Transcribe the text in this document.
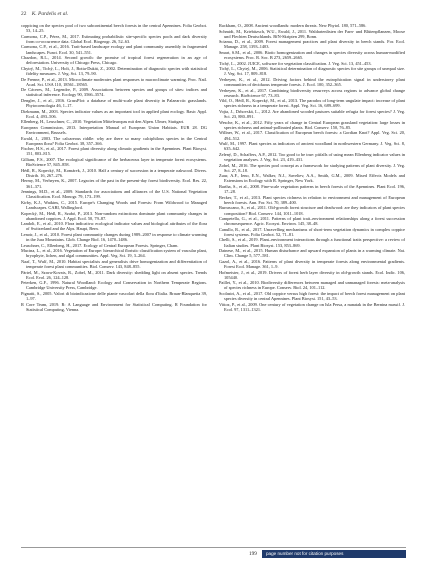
22 K. Pardelis et al.

coppicing on the species pool of two subcontinental beech forests in the central Apennines. Folia Geobot. 53, 14–25.

Carmona, C.P., Pérez, M., 2017. Estimating probabilistic site-specific species pools and dark diversity from co-occurrence data. Global Ecol. Biogeogr. 26, 52–63.

Carmona, C.P., et al., 2016. Trait-based landscape ecology and plant community assembly in fragmented landscapes. Funct. Ecol. 30, 541–551.

Chazdon, R.L., 2014. Second growth: the promise of tropical forest regeneration in an age of deforestation. University of Chicago Press, Chicago.

Chytrý, M., Tichý, L., Holt, J., Botta-Dukát, Z., 2002. Determination of diagnostic species with statistical fidelity measures. J. Veg. Sci. 13, 79–90.

De Frenne, P., et al., 2013. Microclimate moderates plant responses to macroclimate warming. Proc. Natl. Acad. Sci. USA 110, 18561–18565.

De Cáceres, M., Legendre, P., 2009. Associations between species and groups of sites: indices and statistical inference. Ecology 90, 3566–3574.

Dengler, J., et al., 2016. GrassPlot: a database of multi-scale plant diversity in Palaearctic grasslands. Phytocoenologia 46, 1–17.

Diekmann, M., 2003. Species indicator values as an important tool in applied plant ecology. Basic Appl. Ecol. 4, 493–506.

Ellenberg, H., Leuschner, C., 2010. Vegetation Mitteleuropas mit den Alpen. Ulmer, Stuttgart.

European Commission, 2013. Interpretation Manual of European Union Habitats. EUR 28. DG Environment, Brussels.

Ewald, J., 2003. The calcareous riddle: why are there so many calciphilous species in the Central European flora? Folia Geobot. 38, 357–366.

Fischer, H.S., et al., 2017. Forest plant diversity along climatic gradients in the Apennines. Plant Biosyst. 151, 803–815.

Gilliam, F.S., 2007. The ecological significance of the herbaceous layer in temperate forest ecosystems. BioScience 57, 845–858.

Hédl, R., Kopecký, M., Komárek, J., 2010. Half a century of succession in a temperate oakwood. Divers. Distrib. 16, 267–276.

Hermy, M., Verheyen, K., 2007. Legacies of the past in the present-day forest biodiversity. Ecol. Res. 22, 361–371.

Jennings, M.D., et al., 2009. Standards for associations and alliances of the U.S. National Vegetation Classification. Ecol. Monogr. 79, 173–199.

Kirby, K.J., Watkins, C., 2015. Europe's Changing Woods and Forests: From Wildwood to Managed Landscapes. CABI, Wallingford.

Kopecký, M., Hédl, R., Szabó, P., 2013. Non-random extinctions dominate plant community changes in abandoned coppices. J. Appl. Ecol. 50, 79–87.

Landolt, E., et al., 2010. Flora indicativa: ecological indicator values and biological attributes of the flora of Switzerland and the Alps. Haupt, Bern.

Lenoir, J., et al., 2010. Forest plant community changes during 1989–2007 in response to climate warming in the Jura Mountains. Glob. Change Biol. 16, 1470–1486.

Leuschner, C., Ellenberg, H., 2017. Ecology of Central European Forests. Springer, Cham.

Mucina, L., et al., 2016. Vegetation of Europe: hierarchical floristic classification system of vascular plant, bryophyte, lichen, and algal communities. Appl. Veg. Sci. 19, 3–264.

Naaf, T., Wulf, M., 2010. Habitat specialists and generalists drive homogenization and differentiation of temperate forest plant communities. Biol. Conserv. 143, 848–855.

Pärtel, M., Szava-Kovats, R., Zobel, M., 2011. Dark diversity: shedding light on absent species. Trends Ecol. Evol. 26, 124–128.

Peterken, G.F., 1996. Natural Woodland: Ecology and Conservation in Northern Temperate Regions. Cambridge University Press, Cambridge.

Pignatti, S., 2005. Valori di bioindicazione delle piante vascolari della flora d'Italia. Braun-Blanquetia 39, 1–97.

R Core Team, 2019. R: A Language and Environment for Statistical Computing. R Foundation for Statistical Computing, Vienna.

Rackham, O., 2008. Ancient woodlands: modern threats. New Phytol. 180, 571–586.

Schmidt, M., Kriebitzsch, W.U., Ewald, J., 2011. Waldartenlisten der Farn- und Blütenpflanzen, Moose und Flechten Deutschlands. BfN-Skripten 299, Bonn.

Sciama, D., et al., 2009. Forest management practices and plant diversity in beech stands. For. Ecol. Manage. 258, 1393–1403.

Smart, S.M., et al., 2006. Biotic homogenization and changes in species diversity across human-modified ecosystems. Proc. R. Soc. B 273, 2659–2665.

Tichý, L., 2002. JUICE, software for vegetation classification. J. Veg. Sci. 13, 451–453.

Tichý, L., Chytrý, M., 2006. Statistical determination of diagnostic species for site groups of unequal size. J. Veg. Sci. 17, 809–818.

Verheyen, K., et al., 2012. Driving factors behind the eutrophication signal in understorey plant communities of deciduous temperate forests. J. Ecol. 100, 352–365.

Verheyen, K., et al., 2017. Combining biodiversity resurveys across regions to advance global change research. BioScience 67, 73–83.

Vild, O., Hédl, R., Kopecký, M., et al., 2013. The paradox of long-term ungulate impact: increase of plant species richness in a temperate forest. Appl. Veg. Sci. 16, 689–699.

Vojta, J., Drhovská, L., 2012. Are abandoned wooded pastures suitable refugia for forest species? J. Veg. Sci. 23, 880–891.

Wesche, K., et al., 2012. Fifty years of change in Central European grassland vegetation: large losses in species richness and animal-pollinated plants. Biol. Conserv. 150, 76–85.

Willner, W., et al., 2017. Classification of European beech forests: a Gordian Knot? Appl. Veg. Sci. 20, 494–512.

Wulf, M., 1997. Plant species as indicators of ancient woodland in northwestern Germany. J. Veg. Sci. 8, 635–642.

Zelený, D., Schaffers, A.P., 2012. Too good to be true: pitfalls of using mean Ellenberg indicator values in vegetation analyses. J. Veg. Sci. 23, 419–431.

Zobel, M., 2016. The species pool concept as a framework for studying patterns of plant diversity. J. Veg. Sci. 27, 8–18.

Zuur, A.F., Ieno, E.N., Walker, N.J., Saveliev, A.A., Smith, G.M., 2009. Mixed Effects Models and Extensions in Ecology with R. Springer, New York.

Bartha, S., et al., 2008. Fine-scale vegetation patterns in beech forests of the Apennines. Plant Ecol. 196, 17–28.

Becker, T., et al., 2013. Plant species richness in relation to environment and management of European beech forests. Ann. For. Sci. 70, 389–400.

Burrascano, S., et al., 2011. Old-growth forest structure and deadwood: are they indicators of plant species composition? Biol. Conserv. 144, 1011–1018.

Campetella, G., et al., 2011. Patterns of plant trait–environment relationships along a forest succession chronosequence. Agric. Ecosyst. Environ. 145, 38–48.

Canullo, R., et al., 2017. Unravelling mechanisms of short-term vegetation dynamics in complex coppice forest systems. Folia Geobot. 52, 71–81.

Chelli, S., et al., 2019. Plant–environment interactions through a functional traits perspective: a review of Italian studies. Plant Biosyst. 153, 853–869.

Dainese, M., et al., 2015. Human disturbance and upward expansion of plants in a warming climate. Nat. Clim. Change 5, 577–581.

Gazol, A., et al., 2016. Patterns of plant diversity in temperate forests along environmental gradients. Forest Ecol. Manage. 361, 1–9.

Hofmeister, J., et al., 2019. Drivers of forest herb layer diversity in old-growth stands. Ecol. Indic. 106, 105440.

Paillet, Y., et al., 2010. Biodiversity differences between managed and unmanaged forests: meta-analysis of species richness in Europe. Conserv. Biol. 24, 101–112.

Scolastri, A., et al., 2017. Old coppice versus high forest: the impact of beech forest management on plant species diversity in central Apennines. Plant Biosyst. 151, 43–53.

Vittoz, P., et al., 2009. One century of vegetation change on Isla Persa, a nunatak in the Bernina massif. J. Ecol. 97, 1311–1321.

199	page number not for citation purposes
